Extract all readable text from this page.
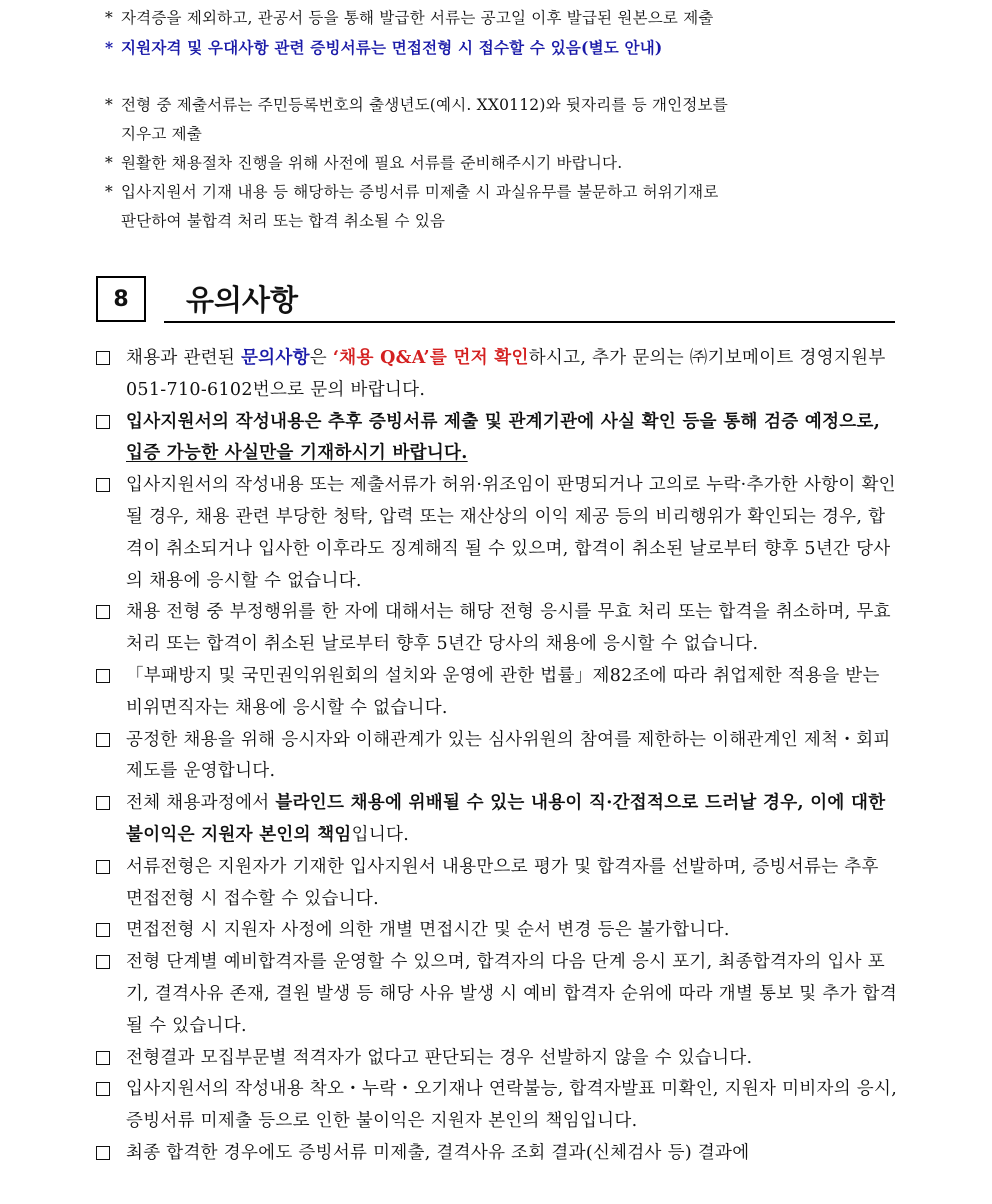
* 자격증을 제외하고, 관공서 등을 통해 발급한 서류는 공고일 이후 발급된 원본으로 제출
* 지원자격 및 우대사항 관련 증빙서류는 면접전형 시 접수할 수 있음(별도 안내)
* 전형 중 제출서류는 주민등록번호의 출생년도(예시. XX0112)와 뒷자리를 등 개인정보를
지우고 제출
* 원활한 채용절차 진행을 위해 사전에 필요 서류를 준비해주시기 바랍니다.
* 입사지원서 기재 내용 등 해당하는 증빙서류 미제출 시 과실유무를 불문하고 허위기재로
판단하여 불합격 처리 또는 합격 취소될 수 있음
8	유의사항
채용과 관련된 문의사항은 ‘채용 Q&A’를 먼저 확인하시고, 추가 문의는 ㈜기보메이트 경영지원부 051-710-6102번으로 문의 바랍니다.
입사지원서의 작성내용은 추후 증빙서류 제출 및 관계기관에 사실 확인 등을 통해 검증 예정으로, 입증 가능한 사실만을 기재하시기 바랍니다.
입사지원서의 작성내용 또는 제출서류가 허위·위조임이 판명되거나 고의로 누락·추가한 사항이 확인될 경우, 채용 관련 부당한 청탁, 압력 또는 재산상의 이익 제공 등의 비리행위가 확인되는 경우, 합격이 취소되거나 입사한 이후라도 징계해직 될 수 있으며, 합격이 취소된 날로부터 향후 5년간 당사의 채용에 응시할 수 없습니다.
채용 전형 중 부정행위를 한 자에 대해서는 해당 전형 응시를 무효 처리 또는 합격을 취소하며, 무효처리 또는 합격이 취소된 날로부터 향후 5년간 당사의 채용에 응시할 수 없습니다.
「부패방지 및 국민권익위원회의 설치와 운영에 관한 법률」제82조에 따라 취업제한 적용을 받는 비위면직자는 채용에 응시할 수 없습니다.
공정한 채용을 위해 응시자와 이해관계가 있는 심사위원의 참여를 제한하는 이해관계인 제척・회피 제도를 운영합니다.
전체 채용과정에서 블라인드 채용에 위배될 수 있는 내용이 직·간접적으로 드러날 경우, 이에 대한 불이익은 지원자 본인의 책임입니다.
서류전형은 지원자가 기재한 입사지원서 내용만으로 평가 및 합격자를 선발하며, 증빙서류는 추후 면접전형 시 접수할 수 있습니다.
면접전형 시 지원자 사정에 의한 개별 면접시간 및 순서 변경 등은 불가합니다.
전형 단계별 예비합격자를 운영할 수 있으며, 합격자의 다음 단계 응시 포기, 최종합격자의 입사 포기, 결격사유 존재, 결원 발생 등 해당 사유 발생 시 예비 합격자 순위에 따라 개별 통보 및 추가 합격될 수 있습니다.
전형결과 모집부문별 적격자가 없다고 판단되는 경우 선발하지 않을 수 있습니다.
입사지원서의 작성내용 착오・누락・오기재나 연락불능, 합격자발표 미확인, 지원자 미비자의 응시, 증빙서류 미제출 등으로 인한 불이익은 지원자 본인의 책임입니다.
최종 합격한 경우에도 증빙서류 미제출, 결격사유 조회 결과(신체검사 등) 결과에
